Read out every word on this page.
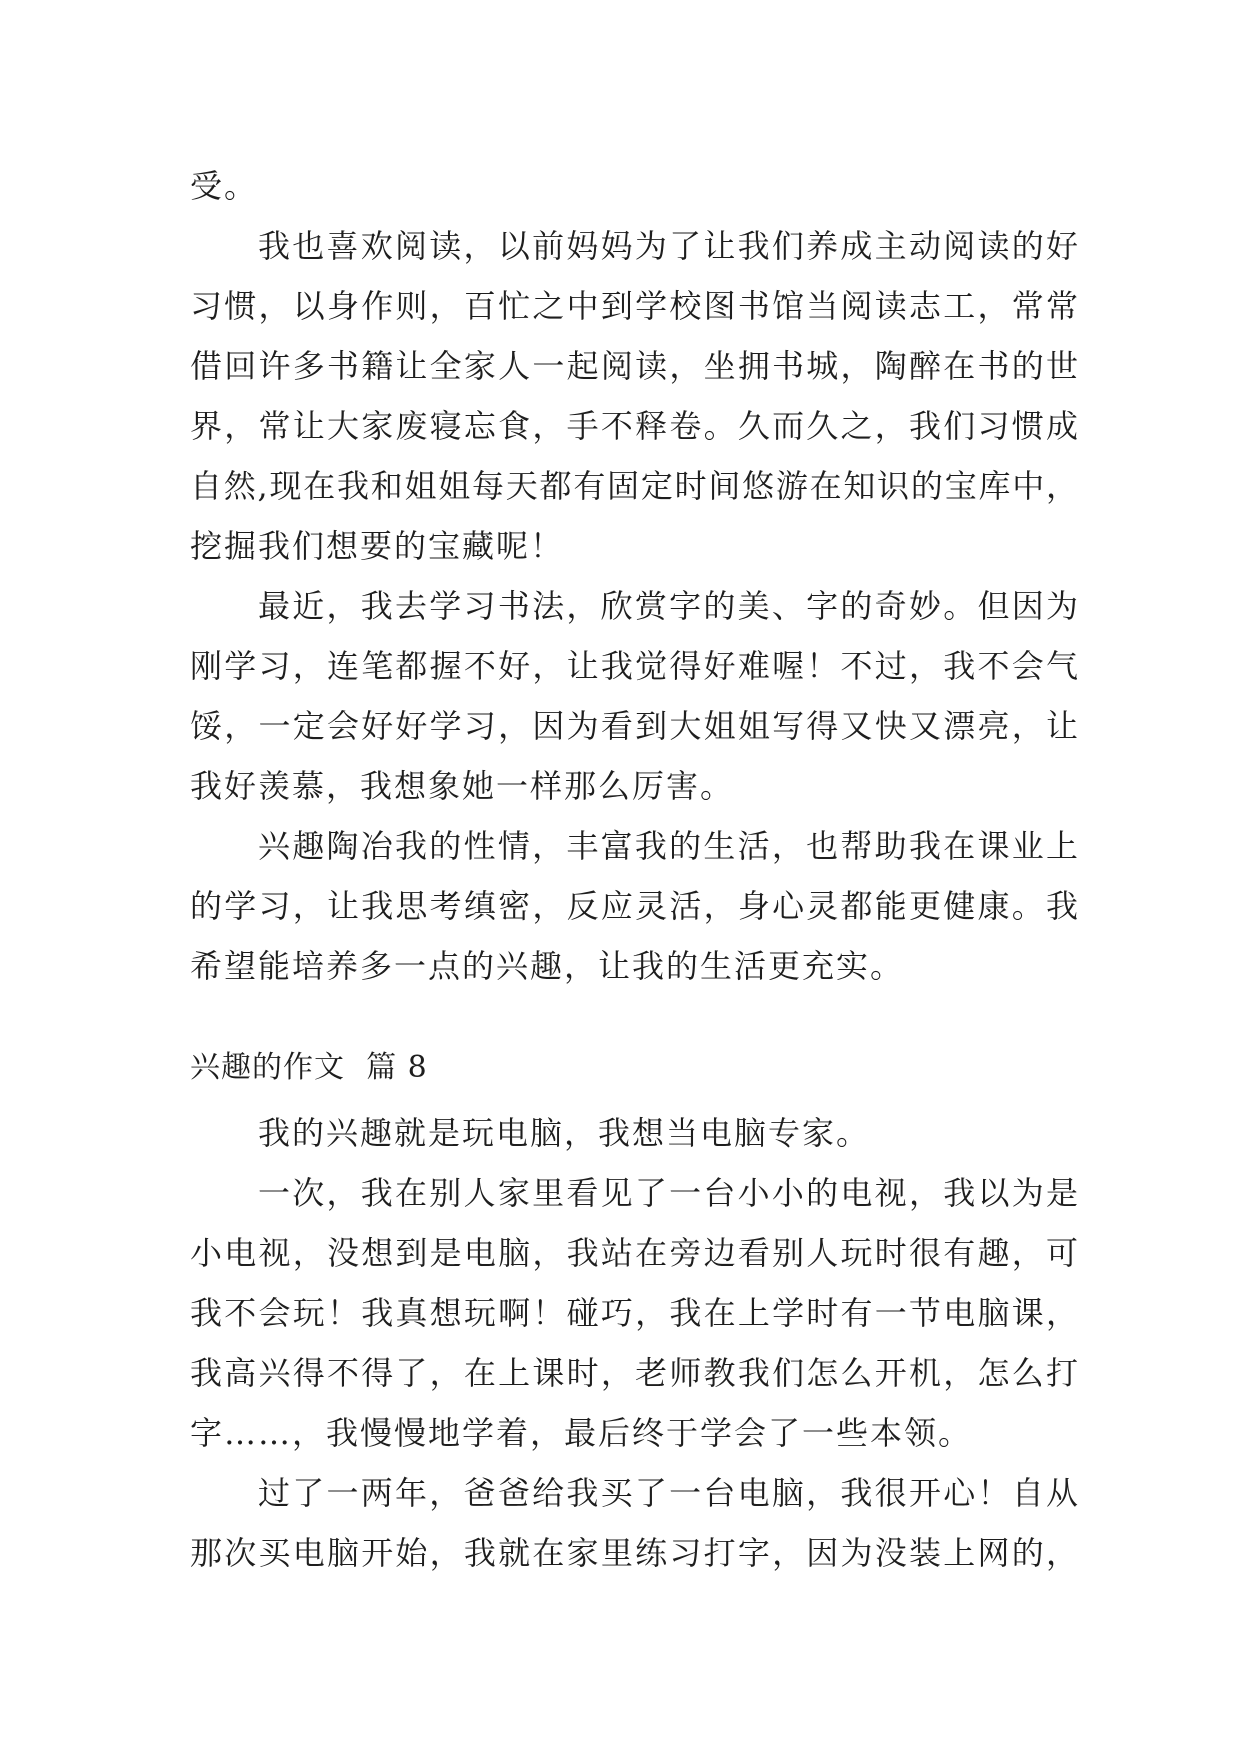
受。
我也喜欢阅读，以前妈妈为了让我们养成主动阅读的好
习惯，以身作则，百忙之中到学校图书馆当阅读志工，常常
借回许多书籍让全家人一起阅读，坐拥书城，陶醉在书的世
界，常让大家废寝忘食，手不释卷。久而久之，我们习惯成
自然,现在我和姐姐每天都有固定时间悠游在知识的宝库中，
挖掘我们想要的宝藏呢！
最近，我去学习书法，欣赏字的美、字的奇妙。但因为
刚学习，连笔都握不好，让我觉得好难喔！不过，我不会气
馁，一定会好好学习，因为看到大姐姐写得又快又漂亮，让
我好羡慕，我想象她一样那么厉害。
兴趣陶冶我的性情，丰富我的生活，也帮助我在课业上
的学习，让我思考缜密，反应灵活，身心灵都能更健康。我
希望能培养多一点的兴趣，让我的生活更充实。
兴趣的作文  篇 8
我的兴趣就是玩电脑，我想当电脑专家。
一次，我在别人家里看见了一台小小的电视，我以为是
小电视，没想到是电脑，我站在旁边看别人玩时很有趣，可
我不会玩！我真想玩啊！碰巧，我在上学时有一节电脑课，
我高兴得不得了，在上课时，老师教我们怎么开机，怎么打
字……，我慢慢地学着，最后终于学会了一些本领。
过了一两年，爸爸给我买了一台电脑，我很开心！自从
那次买电脑开始，我就在家里练习打字，因为没装上网的，
